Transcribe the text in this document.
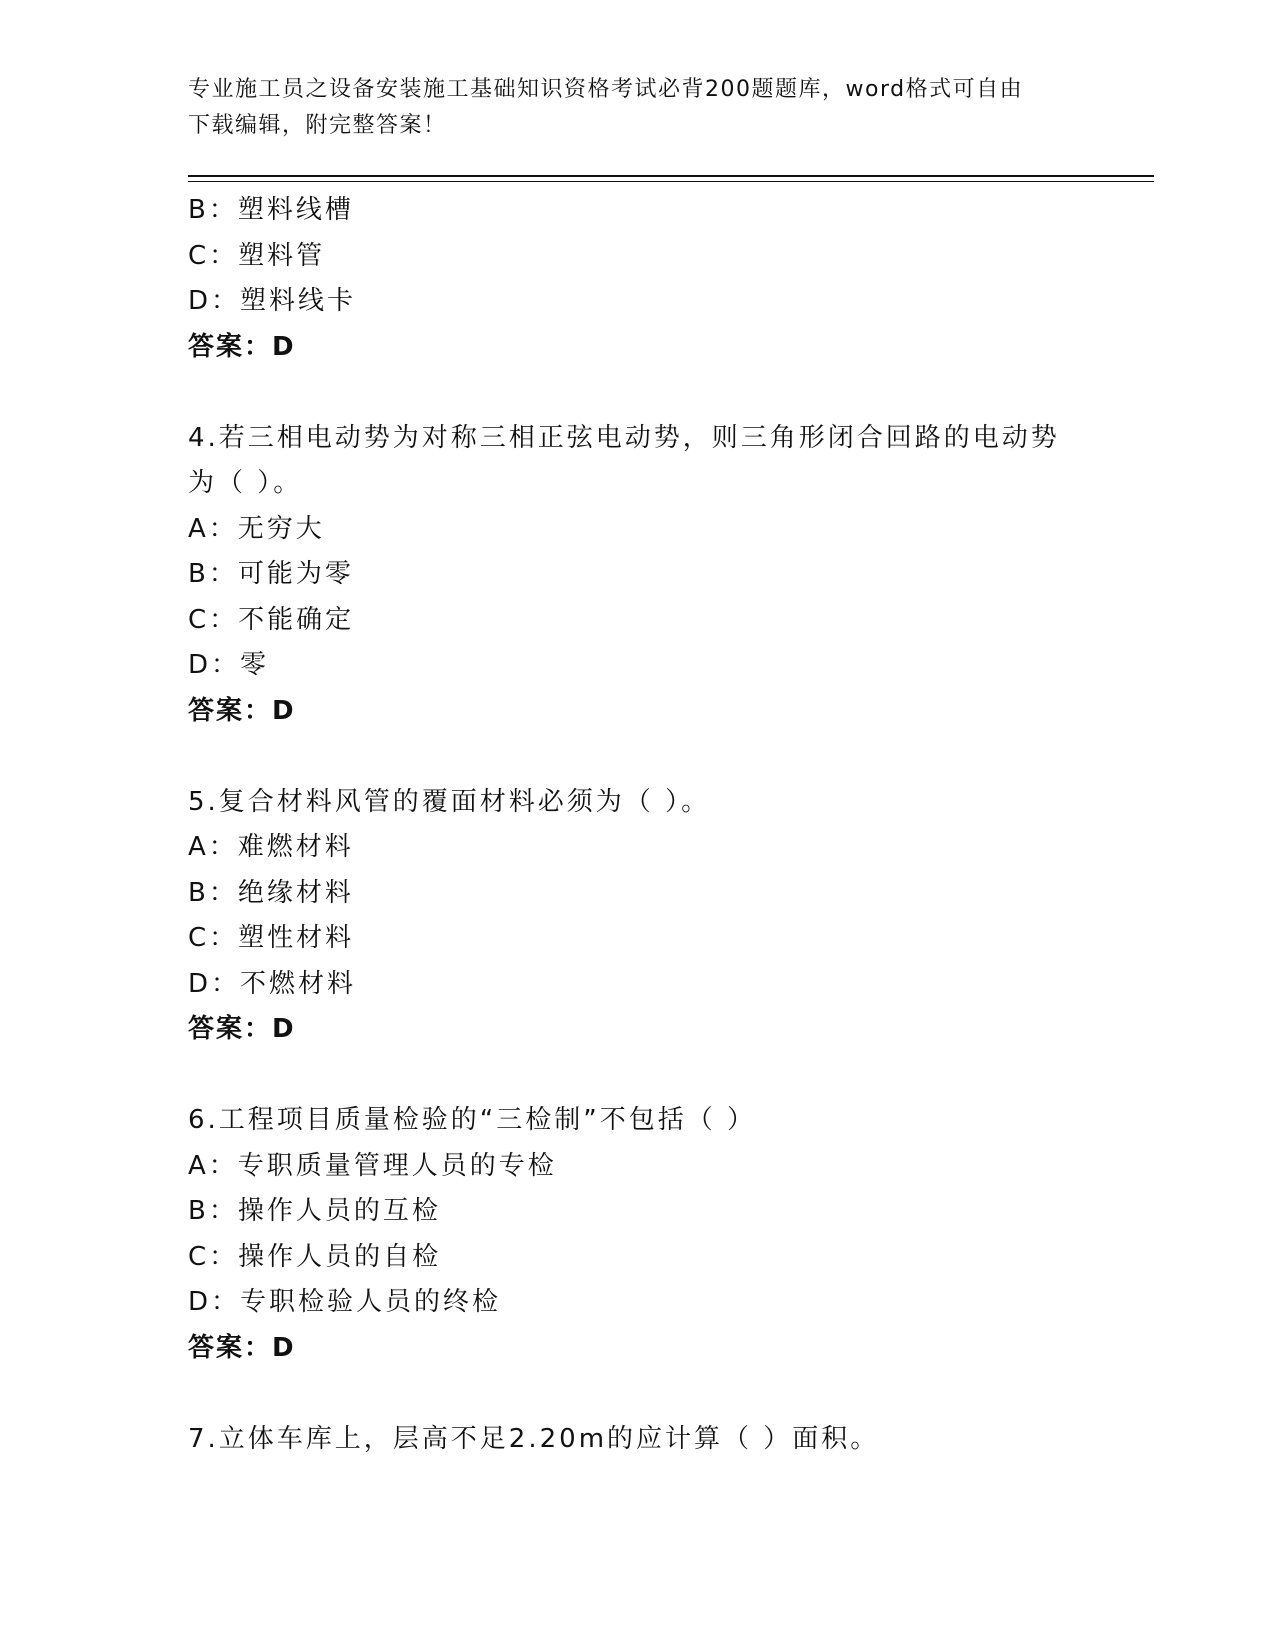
专业施工员之设备安装施工基础知识资格考试必背200题题库，word格式可自由
下载编辑，附完整答案！
B：塑料线槽
C：塑料管
D：塑料线卡
答案：D
4.若三相电动势为对称三相正弦电动势，则三角形闭合回路的电动势
为（ ）。
A：无穷大
B：可能为零
C：不能确定
D：零
答案：D
5.复合材料风管的覆面材料必须为（ ）。
A：难燃材料
B：绝缘材料
C：塑性材料
D：不燃材料
答案：D
6.工程项目质量检验的“三检制”不包括（ ）
A：专职质量管理人员的专检
B：操作人员的互检
C：操作人员的自检
D：专职检验人员的终检
答案：D
7.立体车库上，层高不足2.20m的应计算（ ）面积。
